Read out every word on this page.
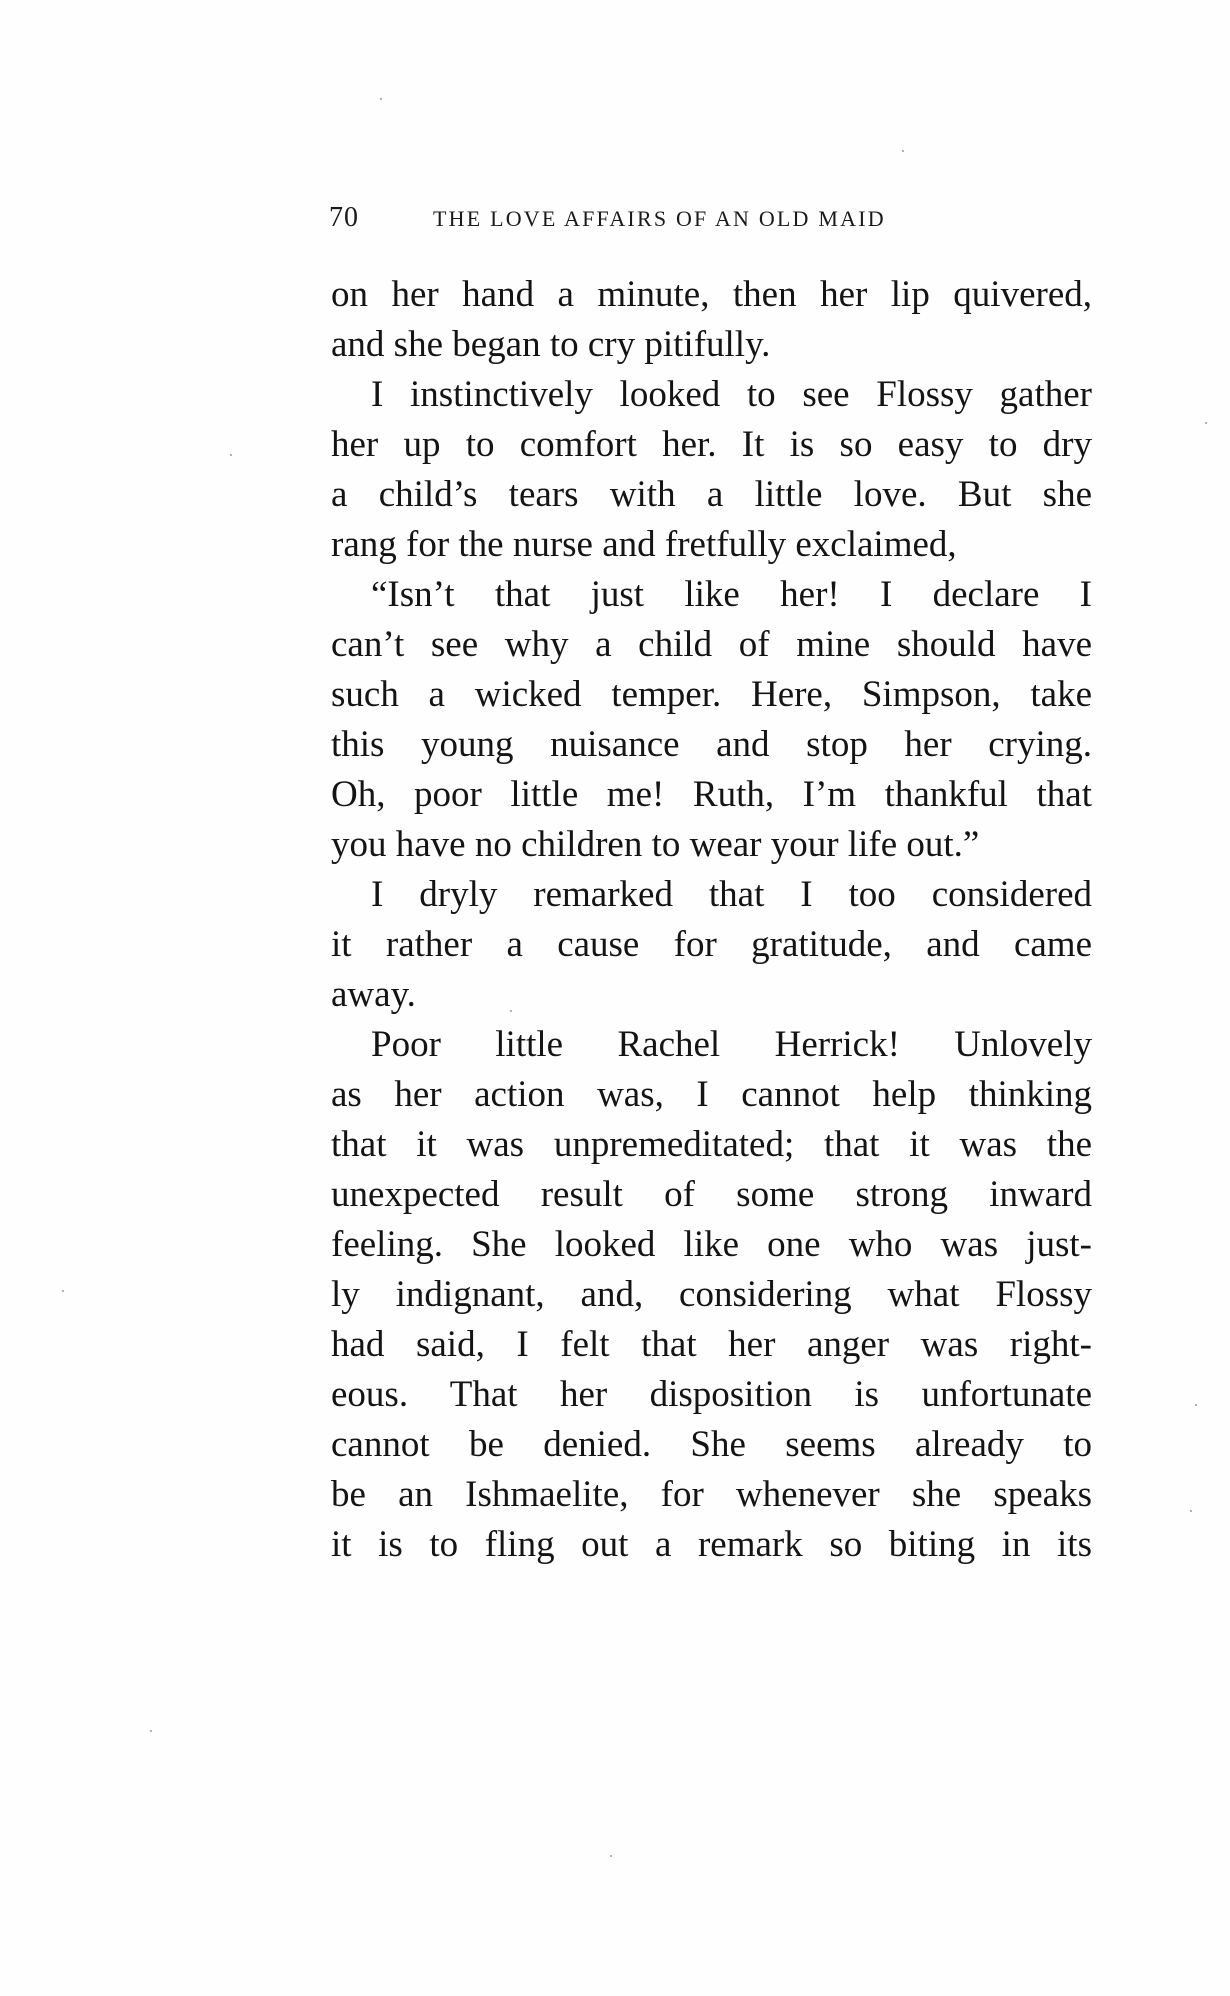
70	THE LOVE AFFAIRS OF AN OLD MAID
on her hand a minute, then her lip quivered,
and she began to cry pitifully.
I instinctively looked to see Flossy gather
her up to comfort her. It is so easy to dry
a child’s tears with a little love. But she
rang for the nurse and fretfully exclaimed,
“Isn’t that just like her! I declare I
can’t see why a child of mine should have
such a wicked temper. Here, Simpson, take
this young nuisance and stop her crying.
Oh, poor little me! Ruth, I’m thankful that
you have no children to wear your life out.”
I dryly remarked that I too considered
it rather a cause for gratitude, and came
away.
Poor little Rachel Herrick! Unlovely
as her action was, I cannot help thinking
that it was unpremeditated; that it was the
unexpected result of some strong inward
feeling. She looked like one who was just-
ly indignant, and, considering what Flossy
had said, I felt that her anger was right-
eous. That her disposition is unfortunate
cannot be denied. She seems already to
be an Ishmaelite, for whenever she speaks
it is to fling out a remark so biting in its
